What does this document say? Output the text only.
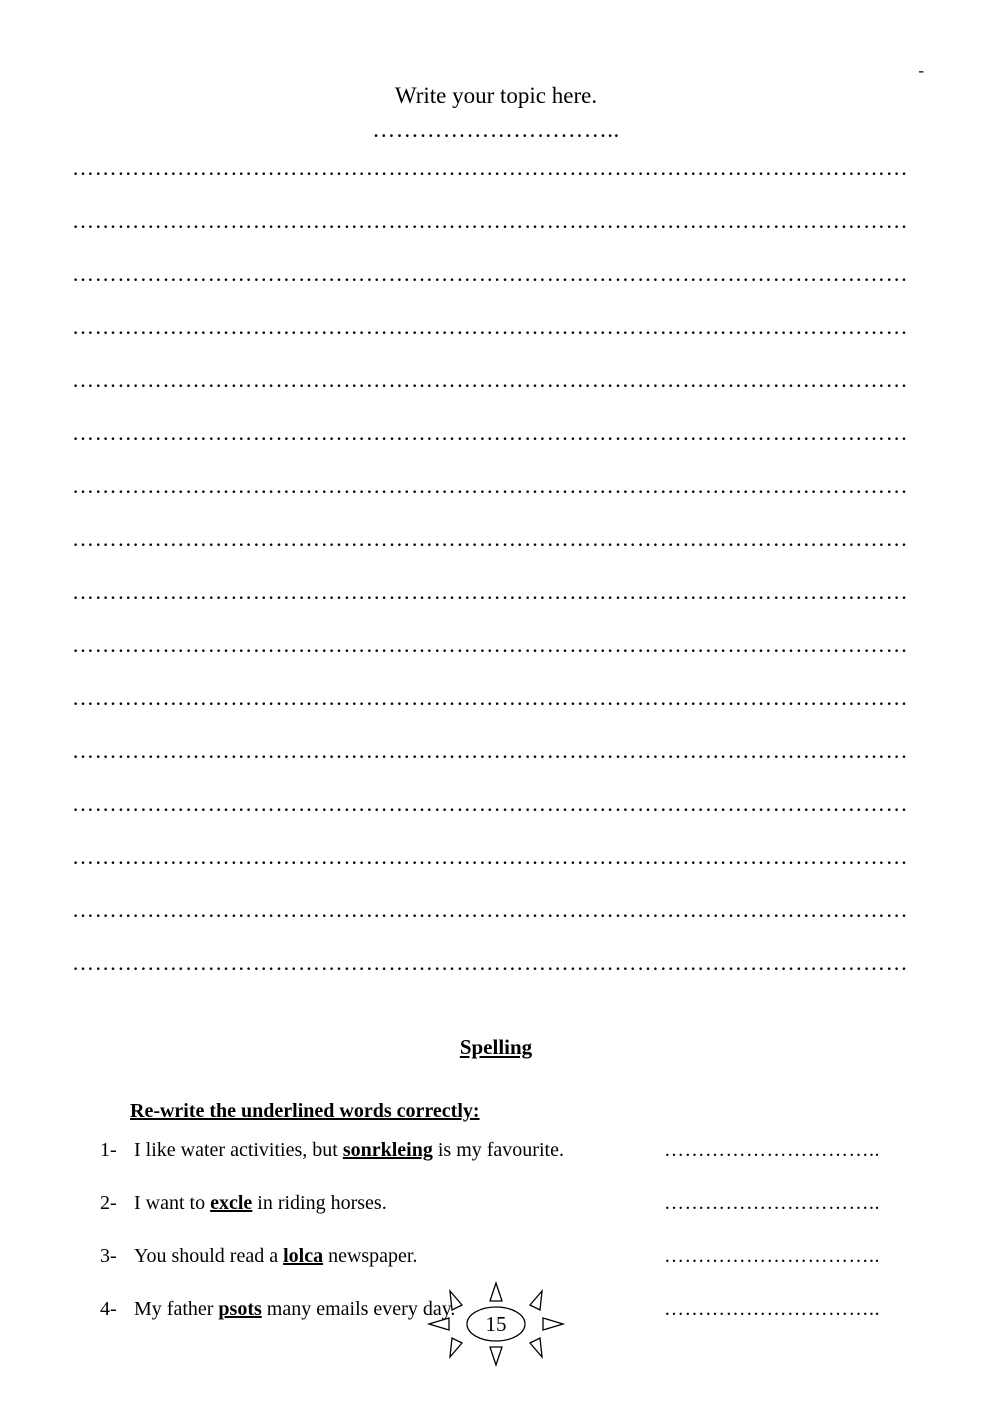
-
Write your topic here.
…………………………..
…………………………………………………………………………………………………
…………………………………………………………………………………………………
…………………………………………………………………………………………………
…………………………………………………………………………………………………
…………………………………………………………………………………………………
…………………………………………………………………………………………………
…………………………………………………………………………………………………
…………………………………………………………………………………………………
…………………………………………………………………………………………………
…………………………………………………………………………………………………
…………………………………………………………………………………………………
…………………………………………………………………………………………………
…………………………………………………………………………………………………
…………………………………………………………………………………………………
…………………………………………………………………………………………………
…………………………………………………………………………………………………
Spelling
Re-write the underlined words correctly:
1- I like water activities, but sonrkleing is my favourite.	…………………………..
2- I want to excle in riding horses.	…………………………..
3- You should read a lolca newspaper.	…………………………..
4- My father psots many emails every day.	…………………………..
15
